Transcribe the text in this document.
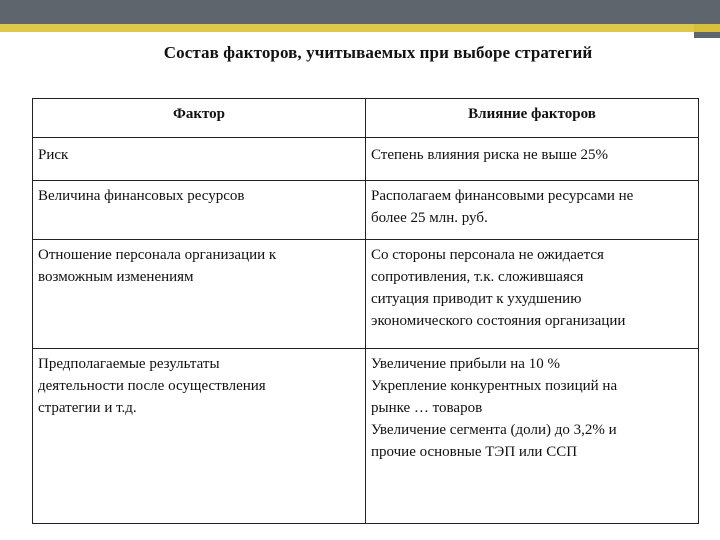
Состав факторов, учитываемых при выборе стратегий
Фактор	Влияние факторов

Риск	Степень влияния риска не выше 25%

Величина финансовых ресурсов	Располагаем финансовыми ресурсами не
более 25 млн. руб.

Отношение персонала организации к
возможным изменениям	Со стороны персонала не ожидается
сопротивления, т.к. сложившаяся
ситуация приводит к ухудшению
экономического состояния организации

Предполагаемые результаты
деятельности после осуществления
стратегии и т.д.	Увеличение прибыли на 10 %
Укрепление конкурентных позиций на
рынке … товаров
Увеличение сегмента (доли) до 3,2% и
прочие основные ТЭП или ССП
